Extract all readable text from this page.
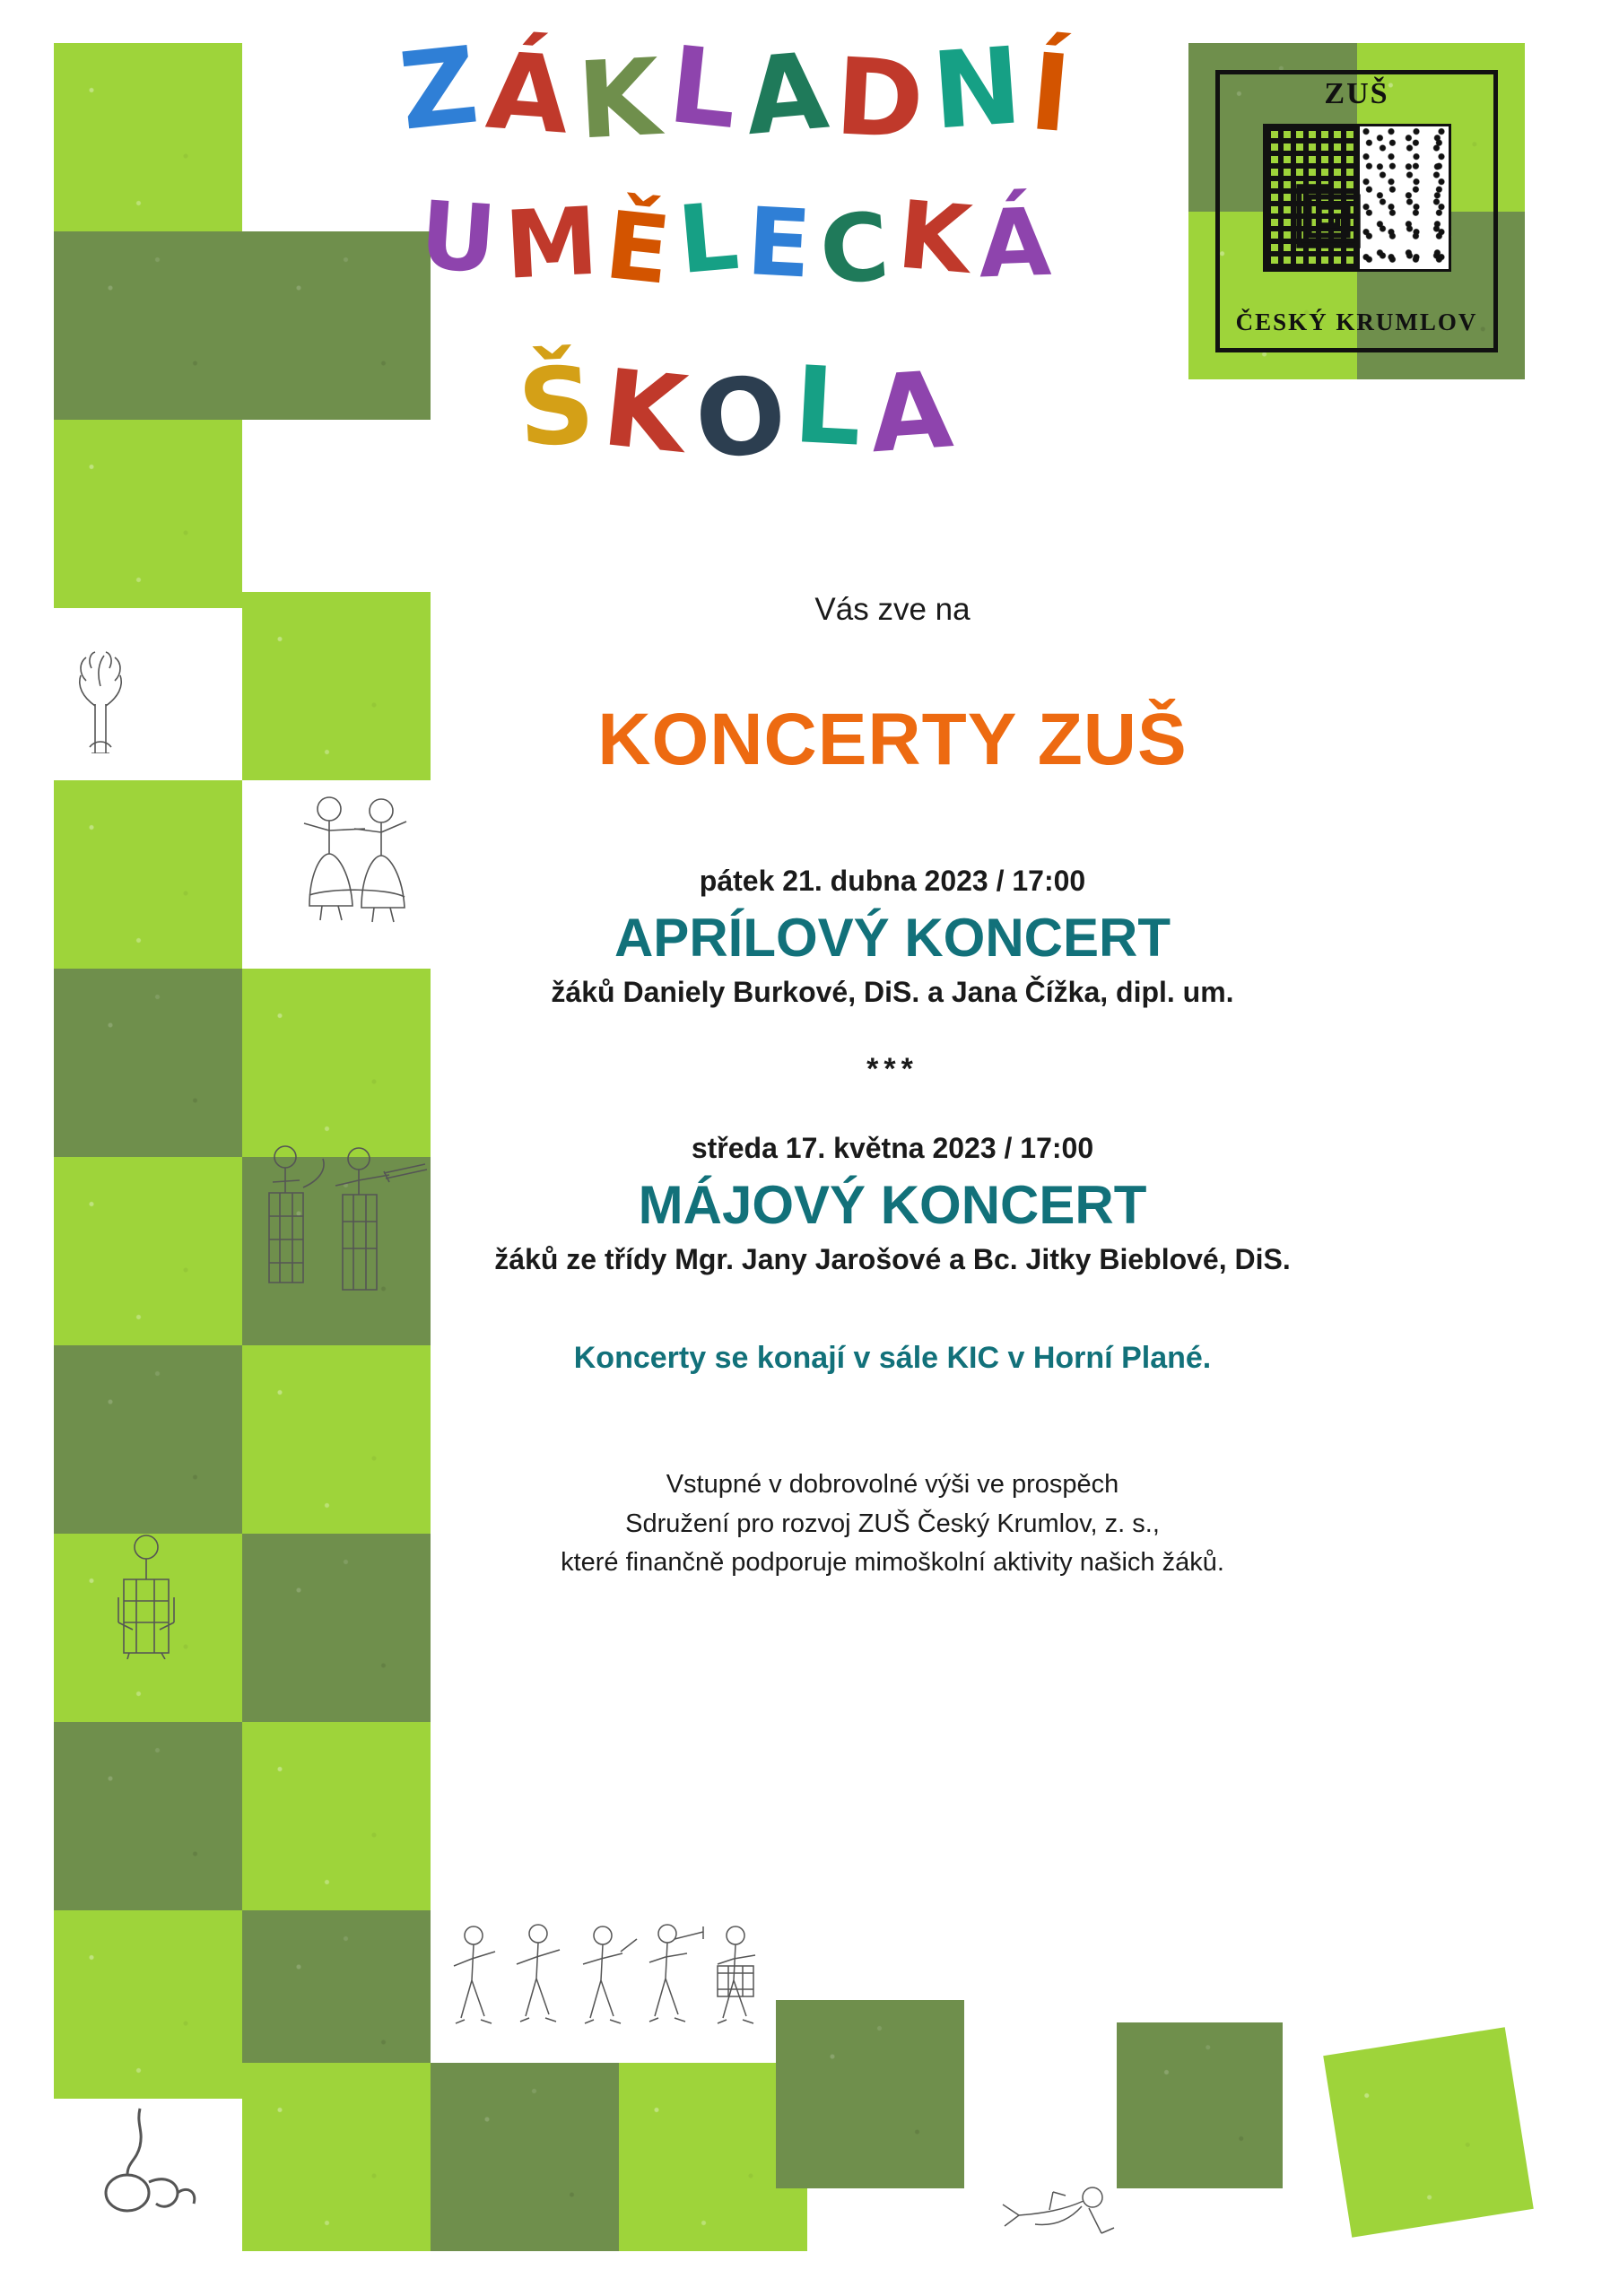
ZUŠ
ČESKÝ KRUMLOV
ZÁKLADNÍ
UMĚLECKÁ
ŠKOLA

Vás zve na

KONCERTY ZUŠ

pátek 21. dubna 2023 / 17:00

APRÍLOVÝ KONCERT

žáků Daniely Burkové, DiS. a Jana Čížka, dipl. um.

***

středa 17. května 2023 / 17:00

MÁJOVÝ KONCERT

žáků ze třídy Mgr. Jany Jarošové a Bc. Jitky Bieblové, DiS.

Koncerty se konají v sále KIC v Horní Plané.

Vstupné v dobrovolné výši ve prospěch
Sdružení pro rozvoj ZUŠ Český Krumlov, z. s.,
které finančně podporuje mimoškolní aktivity našich žáků.
